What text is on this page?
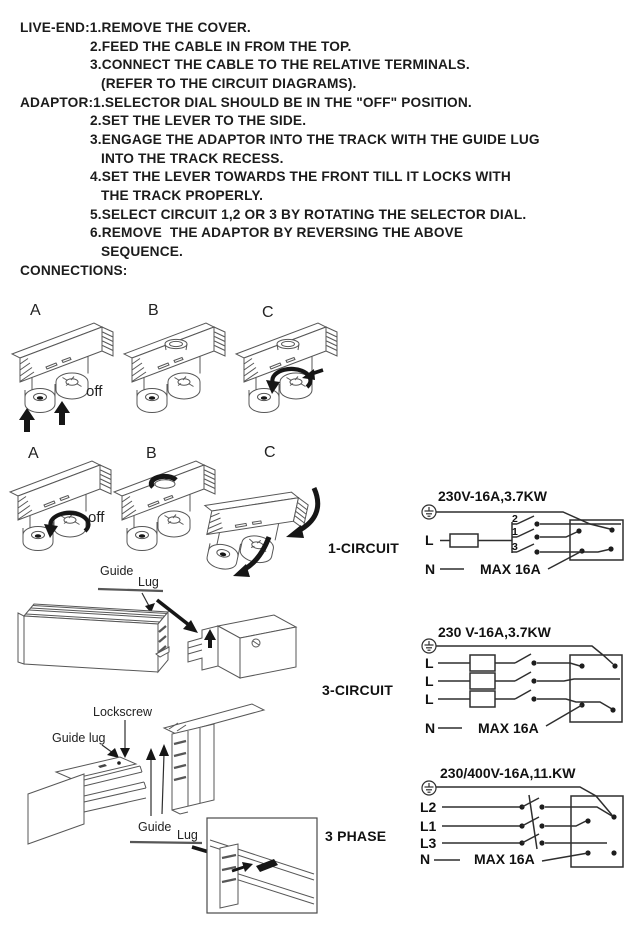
LIVE-END:1.REMOVE THE COVER.
2.FEED THE CABLE IN FROM THE TOP.
3.CONNECT THE CABLE TO THE RELATIVE TERMINALS.
(REFER TO THE CIRCUIT DIAGRAMS).
ADAPTOR:1.SELECTOR DIAL SHOULD BE IN THE "OFF" POSITION.
2.SET THE LEVER TO THE SIDE.
3.ENGAGE THE ADAPTOR INTO THE TRACK WITH THE GUIDE LUG
INTO THE TRACK RECESS.
4.SET THE LEVER TOWARDS THE FRONT TILL IT LOCKS WITH
THE TRACK PROPERLY.
5.SELECT CIRCUIT 1,2 OR 3 BY ROTATING THE SELECTOR DIAL.
6.REMOVE  THE ADAPTOR BY REVERSING THE ABOVE
SEQUENCE.
CONNECTIONS:
A	B	C
off
A	B	C
off
1-CIRCUIT
Guide
Lug
3-CIRCUIT
Lockscrew
Guide lug
Guide
Lug	3 PHASE
230V-16A,3.7KW
L
2
1
3
N	MAX 16A
230 V-16A,3.7KW
L
L
L
N	MAX 16A
230/400V-16A,11.KW
L2
L1
L3
N	MAX 16A
